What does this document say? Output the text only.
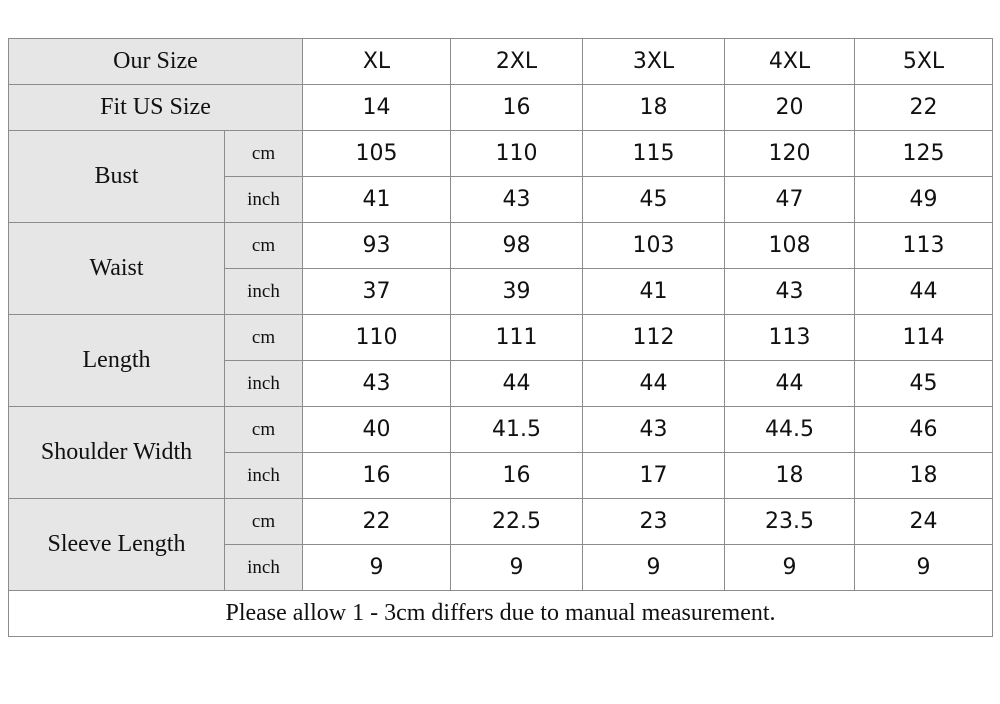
Our Size		XL	2XL	3XL	4XL	5XL
Fit US Size		14	16	18	20	22
Bust	cm	105	110	115	120	125
	inch	41	43	45	47	49
Waist	cm	93	98	103	108	113
	inch	37	39	41	43	44
Length	cm	110	111	112	113	114
	inch	43	44	44	44	45
Shoulder Width	cm	40	41.5	43	44.5	46
	inch	16	16	17	18	18
Sleeve Length	cm	22	22.5	23	23.5	24
	inch	9	9	9	9	9
Please allow 1 - 3cm differs due to manual measurement.						
